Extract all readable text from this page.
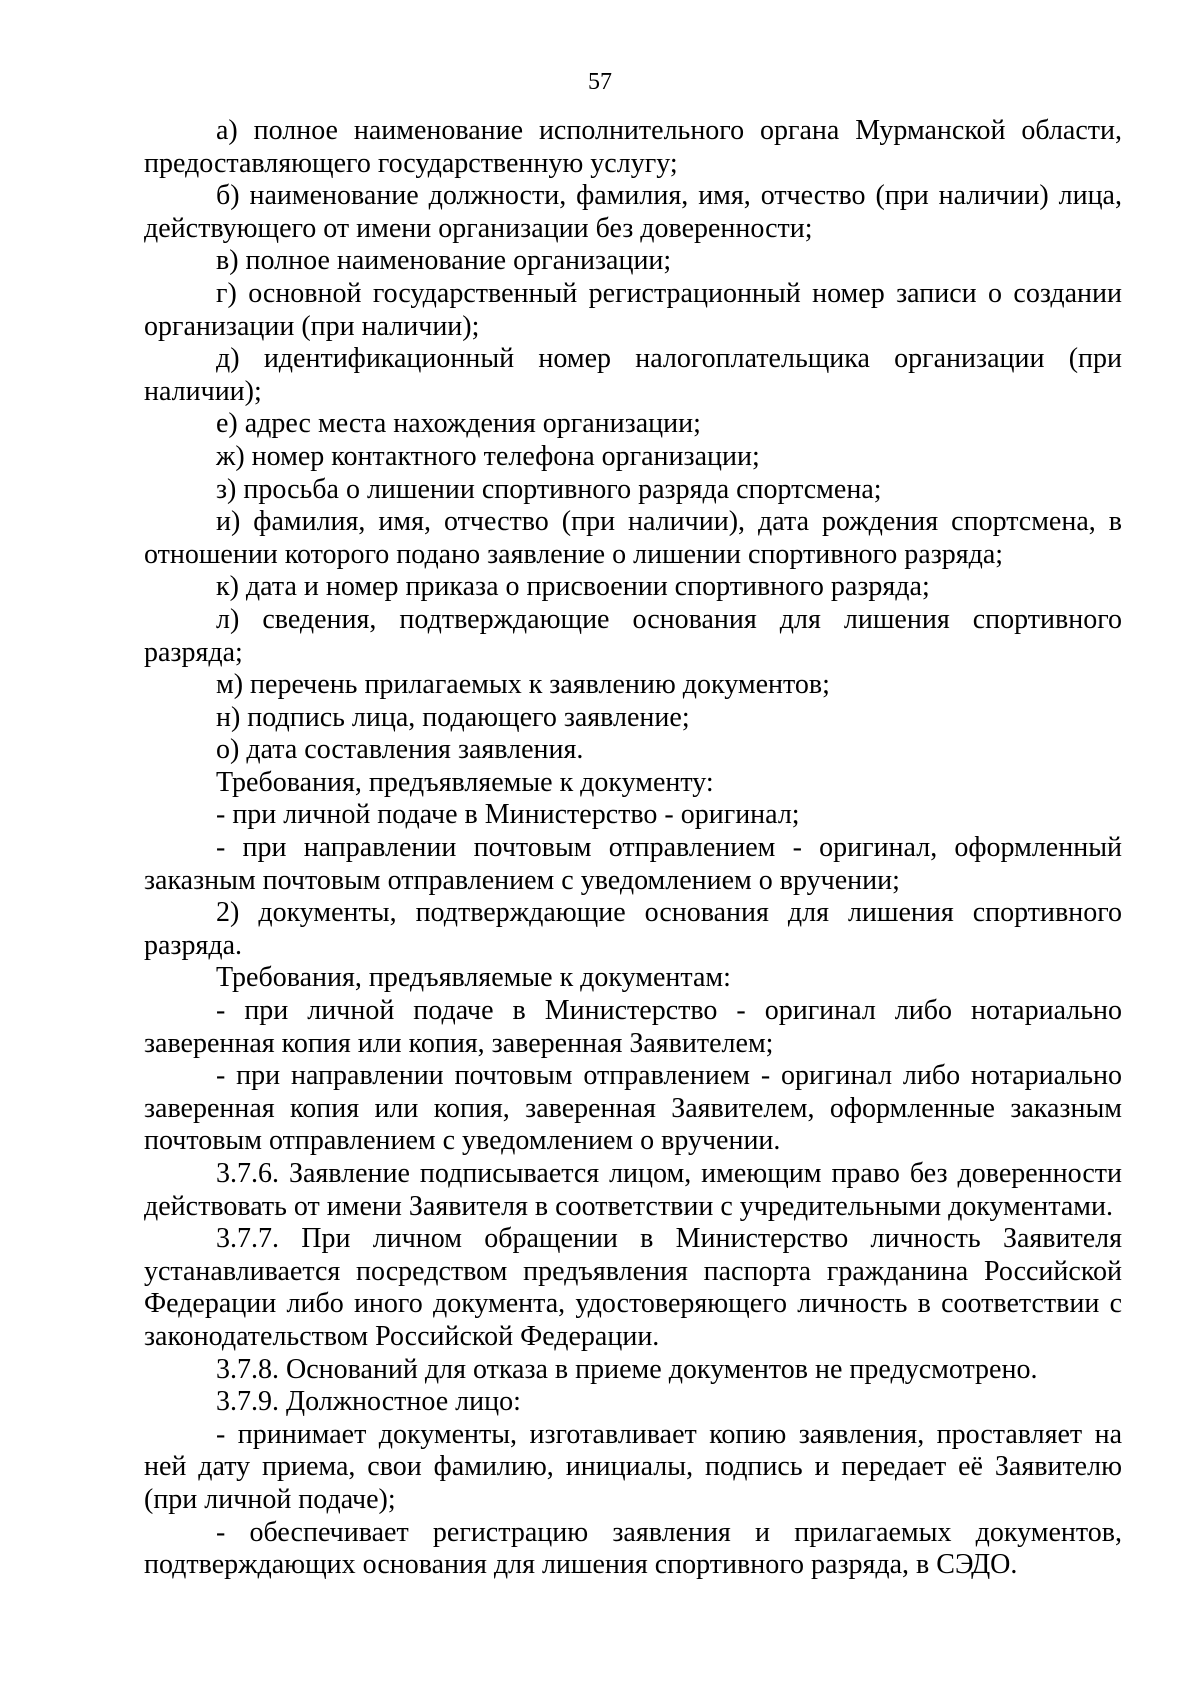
57

а) полное наименование исполнительного органа Мурманской области, предоставляющего государственную услугу;

б) наименование должности, фамилия, имя, отчество (при наличии) лица, действующего от имени организации без доверенности;

в) полное наименование организации;

г) основной государственный регистрационный номер записи о создании организации (при наличии);

д) идентификационный номер налогоплательщика организации (при наличии);

е) адрес места нахождения организации;

ж) номер контактного телефона организации;

з) просьба о лишении спортивного разряда спортсмена;

и) фамилия, имя, отчество (при наличии), дата рождения спортсмена, в отношении которого подано заявление о лишении спортивного разряда;

к) дата и номер приказа о присвоении спортивного разряда;

л) сведения, подтверждающие основания для лишения спортивного разряда;

м) перечень прилагаемых к заявлению документов;

н) подпись лица, подающего заявление;

о) дата составления заявления.

Требования, предъявляемые к документу:

- при личной подаче в Министерство - оригинал;

- при направлении почтовым отправлением - оригинал, оформленный заказным почтовым отправлением с уведомлением о вручении;

2) документы, подтверждающие основания для лишения спортивного разряда.

Требования, предъявляемые к документам:

- при личной подаче в Министерство - оригинал либо нотариально заверенная копия или копия, заверенная Заявителем;

- при направлении почтовым отправлением - оригинал либо нотариально заверенная копия или копия, заверенная Заявителем, оформленные заказным почтовым отправлением с уведомлением о вручении.

3.7.6. Заявление подписывается лицом, имеющим право без доверенности действовать от имени Заявителя в соответствии с учредительными документами.

3.7.7. При личном обращении в Министерство личность Заявителя устанавливается посредством предъявления паспорта гражданина Российской Федерации либо иного документа, удостоверяющего личность в соответствии с законодательством Российской Федерации.

3.7.8. Оснований для отказа в приеме документов не предусмотрено.

3.7.9. Должностное лицо:

- принимает документы, изготавливает копию заявления, проставляет на ней дату приема, свои фамилию, инициалы, подпись и передает её Заявителю (при личной подаче);

- обеспечивает регистрацию заявления и прилагаемых документов, подтверждающих основания для лишения спортивного разряда, в СЭДО.
